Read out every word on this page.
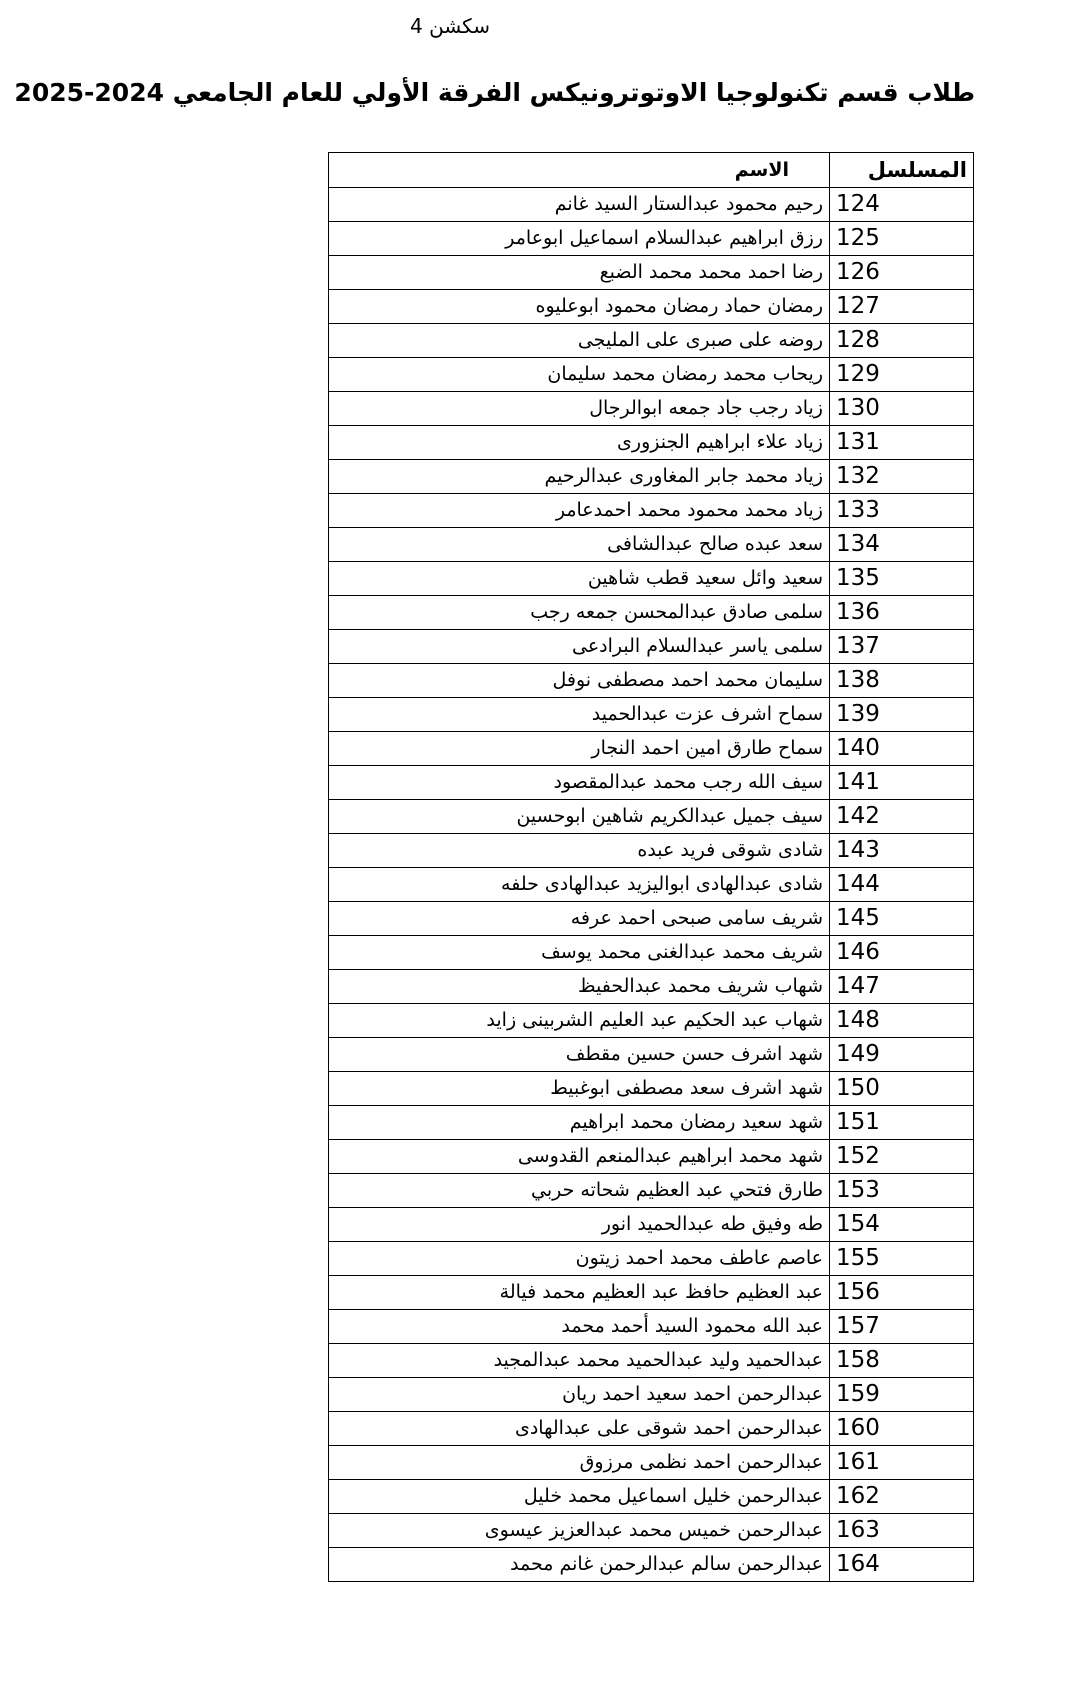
سكشن 4
طلاب قسم تكنولوجيا الاوتوترونيكس الفرقة الأولي للعام الجامعي 2024-2025
المسلسل	الاسم
124	رحيم محمود عبدالستار السيد غانم
125	رزق ابراهيم عبدالسلام اسماعيل ابوعامر
126	رضا احمد محمد محمد الضبع
127	رمضان حماد رمضان محمود ابوعليوه
128	روضه على صبرى على المليجى
129	ريحاب محمد رمضان محمد سليمان
130	زياد رجب جاد جمعه ابوالرجال
131	زياد علاء ابراهيم الجنزورى
132	زياد محمد جابر المغاورى عبدالرحيم
133	زياد محمد محمود محمد احمدعامر
134	سعد عبده صالح عبدالشافى
135	سعيد وائل سعيد قطب شاهين
136	سلمى صادق عبدالمحسن جمعه رجب
137	سلمى ياسر عبدالسلام البرادعى
138	سليمان محمد احمد مصطفى نوفل
139	سماح اشرف عزت عبدالحميد
140	سماح طارق امين احمد النجار
141	سيف الله رجب محمد عبدالمقصود
142	سيف جميل عبدالكريم شاهين ابوحسين
143	شادى شوقى فريد عبده
144	شادى عبدالهادى ابواليزيد عبدالهادى حلفه
145	شريف سامى صبحى احمد عرفه
146	شريف محمد عبدالغنى محمد يوسف
147	شهاب شريف محمد عبدالحفيظ
148	شهاب عبد الحكيم عبد العليم الشربينى زايد
149	شهد اشرف حسن حسين مقطف
150	شهد اشرف سعد مصطفى ابوغبيط
151	شهد سعيد رمضان محمد ابراهيم
152	شهد محمد ابراهيم عبدالمنعم القدوسى
153	طارق فتحي عبد العظيم شحاته حربي
154	طه وفيق طه عبدالحميد انور
155	عاصم عاطف محمد احمد زيتون
156	عبد العظيم حافظ عبد العظيم محمد فيالة
157	عبد الله محمود السيد أحمد محمد
158	عبدالحميد وليد عبدالحميد محمد عبدالمجيد
159	عبدالرحمن احمد سعيد احمد ريان
160	عبدالرحمن احمد شوقى على عبدالهادى
161	عبدالرحمن احمد نظمى مرزوق
162	عبدالرحمن خليل اسماعيل محمد خليل
163	عبدالرحمن خميس محمد عبدالعزيز عيسوى
164	عبدالرحمن سالم عبدالرحمن غانم محمد
